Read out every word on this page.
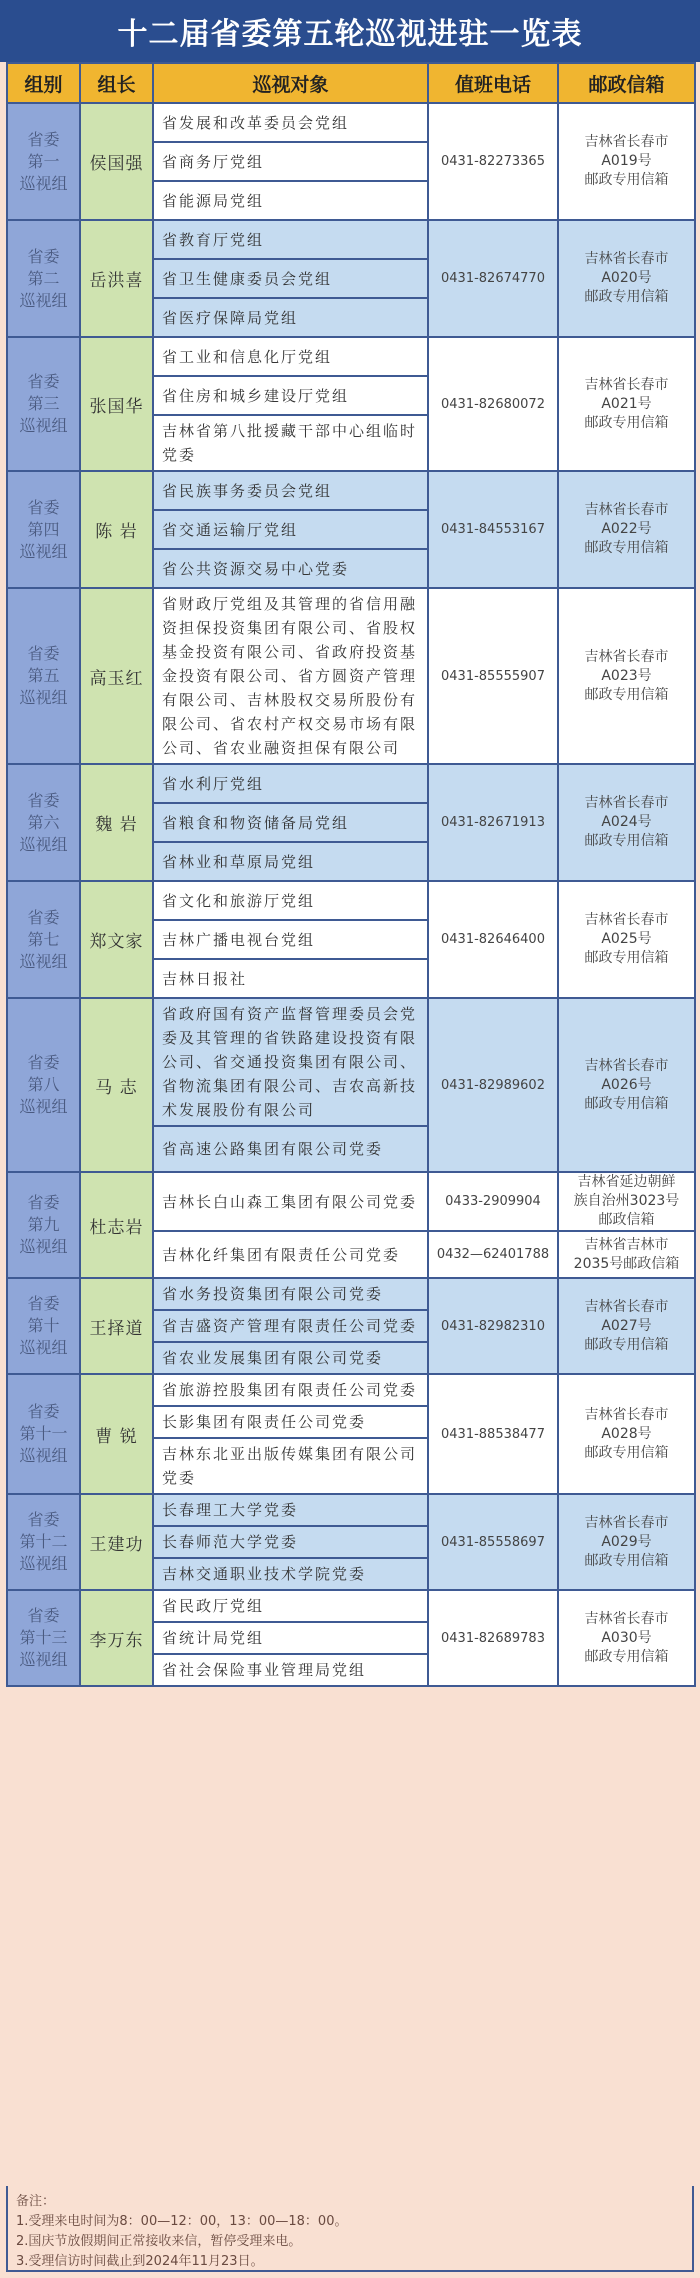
十二届省委第五轮巡视进驻一览表
组别	组长	巡视对象	值班电话	邮政信箱

省委
第一
巡视组	侯国强	省发展和改革委员会党组	0431-82273365	吉林省长春市
A019号
邮政专用信箱

		省商务厅党组		
		省能源局党组		

省委
第二
巡视组	岳洪喜	省教育厅党组	0431-82674770	吉林省长春市
A020号
邮政专用信箱

		省卫生健康委员会党组		
		省医疗保障局党组		

省委
第三
巡视组	张国华	省工业和信息化厅党组	0431-82680072	吉林省长春市
A021号
邮政专用信箱

		省住房和城乡建设厅党组		
		吉林省第八批援藏干部中心组临时党委		

省委
第四
巡视组	陈 岩	省民族事务委员会党组	0431-84553167	吉林省长春市
A022号
邮政专用信箱

		省交通运输厅党组		
		省公共资源交易中心党委		

省委
第五
巡视组	高玉红	省财政厅党组及其管理的省信用融资担保投资集团有限公司、省股权基金投资有限公司、省政府投资基金投资有限公司、省方圆资产管理有限公司、吉林股权交易所股份有限公司、省农村产权交易市场有限公司、省农业融资担保有限公司	0431-85555907	吉林省长春市
A023号
邮政专用信箱

省委
第六
巡视组	魏 岩	省水利厅党组	0431-82671913	吉林省长春市
A024号
邮政专用信箱

		省粮食和物资储备局党组		
		省林业和草原局党组		

省委
第七
巡视组	郑文家	省文化和旅游厅党组	0431-82646400	吉林省长春市
A025号
邮政专用信箱

		吉林广播电视台党组		
		吉林日报社		

省委
第八
巡视组	马 志	省政府国有资产监督管理委员会党委及其管理的省铁路建设投资有限公司、省交通投资集团有限公司、省物流集团有限公司、吉农高新技术发展股份有限公司	0431-82989602	吉林省长春市
A026号
邮政专用信箱

		省高速公路集团有限公司党委		

省委
第九
巡视组	杜志岩	吉林长白山森工集团有限公司党委	0433-2909904	吉林省延边朝鲜
族自治州3023号
邮政信箱

		吉林化纤集团有限责任公司党委	0432—62401788	吉林省吉林市
2035号邮政信箱

省委
第十
巡视组	王择道	省水务投资集团有限公司党委	0431-82982310	吉林省长春市
A027号
邮政专用信箱

		省吉盛资产管理有限责任公司党委		
		省农业发展集团有限公司党委		

省委
第十一
巡视组	曹 锐	省旅游控股集团有限责任公司党委	0431-88538477	吉林省长春市
A028号
邮政专用信箱

		长影集团有限责任公司党委		
		吉林东北亚出版传媒集团有限公司党委		

省委
第十二
巡视组	王建功	长春理工大学党委	0431-85558697	吉林省长春市
A029号
邮政专用信箱

		长春师范大学党委		
		吉林交通职业技术学院党委		

省委
第十三
巡视组	李万东	省民政厅党组	0431-82689783	吉林省长春市
A030号
邮政专用信箱

		省统计局党组		
		省社会保险事业管理局党组		
备注：
1.受理来电时间为8：00—12：00，13：00—18：00。
2.国庆节放假期间正常接收来信，暂停受理来电。
3.受理信访时间截止到2024年11月23日。
